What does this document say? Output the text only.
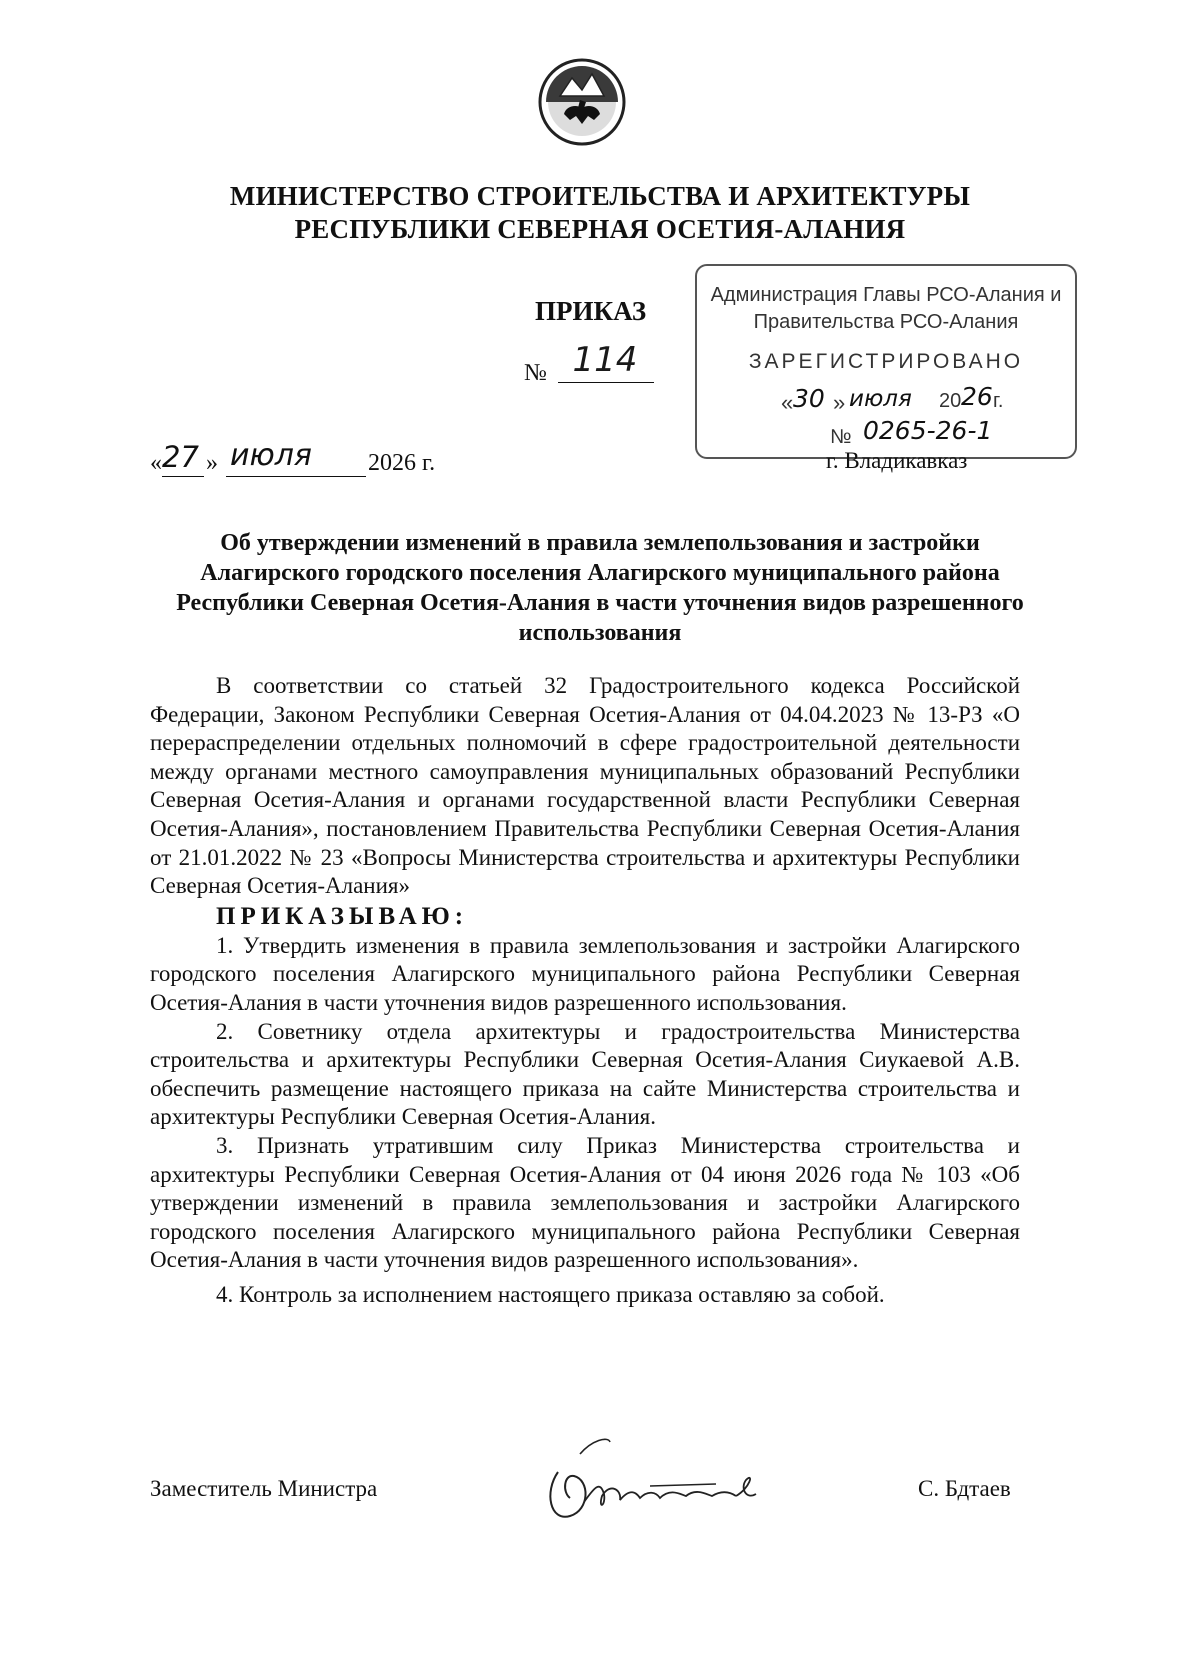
МИНИСТЕРСТВО СТРОИТЕЛЬСТВА И АРХИТЕКТУРЫ
РЕСПУБЛИКИ СЕВЕРНАЯ ОСЕТИЯ-АЛАНИЯ
ПРИКАЗ
№ 114
Администрация Главы РСО-Алания и
Правительства РСО-Алания
ЗАРЕГИСТРИРОВАНО
« 30 » июля 20 26 г.
№ 0265-26-1
« 27 » июля 2026 г.	г. Владикавказ
Об утверждении изменений в правила землепользования и застройки Алагирского городского поселения Алагирского муниципального района Республики Северная Осетия-Алания в части уточнения видов разрешенного использования

В соответствии со статьей 32 Градостроительного кодекса Российской Федерации, Законом Республики Северная Осетия-Алания от 04.04.2023 № 13-РЗ «О перераспределении отдельных полномочий в сфере градостроительной деятельности между органами местного самоуправления муниципальных образований Республики Северная Осетия-Алания и органами государственной власти Республики Северная Осетия-Алания», постановлением Правительства Республики Северная Осетия-Алания от 21.01.2022 № 23 «Вопросы Министерства строительства и архитектуры Республики Северная Осетия-Алания»

ПРИКАЗЫВАЮ:

1. Утвердить изменения в правила землепользования и застройки Алагирского городского поселения Алагирского муниципального района Республики Северная Осетия-Алания в части уточнения видов разрешенного использования.

2. Советнику отдела архитектуры и градостроительства Министерства строительства и архитектуры Республики Северная Осетия-Алания Сиукаевой А.В. обеспечить размещение настоящего приказа на сайте Министерства строительства и архитектуры Республики Северная Осетия-Алания.

3. Признать утратившим силу Приказ Министерства строительства и архитектуры Республики Северная Осетия-Алания от 04 июня 2026 года № 103 «Об утверждении изменений в правила землепользования и застройки Алагирского городского поселения Алагирского муниципального района Республики Северная Осетия-Алания в части уточнения видов разрешенного использования».

4. Контроль за исполнением настоящего приказа оставляю за собой.

Заместитель Министра	С. Бдтаев
